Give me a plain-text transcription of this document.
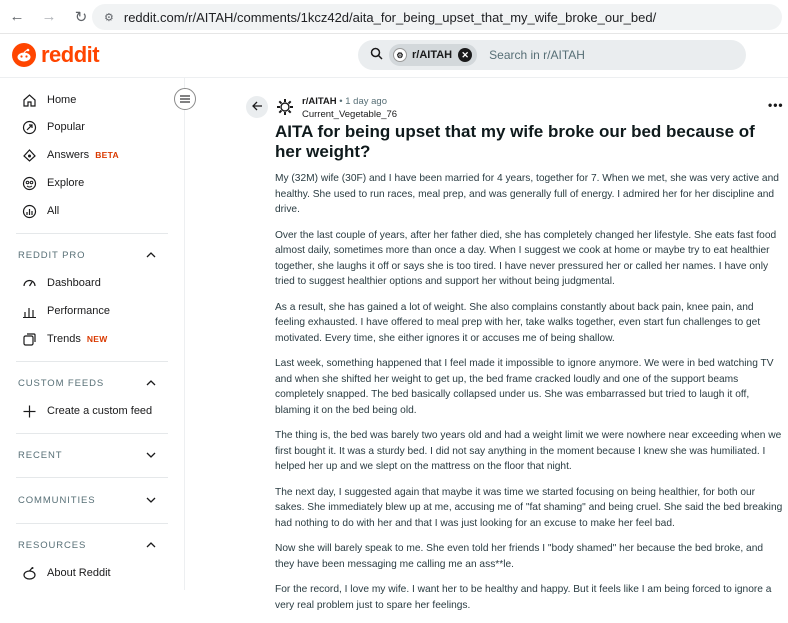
← →	↻	⚙ reddit.com/r/AITAH/comments/1kcz42d/aita_for_being_upset_that_my_wife_broke_our_bed/
reddit	⚙ r/AITAH	✕ Search in r/AITAH
Home
Popular
Answers BETA
Explore
All
REDDIT PRO
Dashboard
Performance
Trends NEW
CUSTOM FEEDS
Create a custom feed
RECENT
COMMUNITIES
RESOURCES
About Reddit
r/AITAH • 1 day ago
Current_Vegetable_76
•••
AITA for being upset that my wife broke our bed because of her weight?

My (32M) wife (30F) and I have been married for 4 years, together for 7. When we met, she was very active and healthy. She used to run races, meal prep, and was generally full of energy. I admired her for her discipline and drive.

Over the last couple of years, after her father died, she has completely changed her lifestyle. She eats fast food almost daily, sometimes more than once a day. When I suggest we cook at home or maybe try to eat healthier together, she laughs it off or says she is too tired. I have never pressured her or called her names. I have only tried to suggest healthier options and support her without being judgmental.

As a result, she has gained a lot of weight. She also complains constantly about back pain, knee pain, and feeling exhausted. I have offered to meal prep with her, take walks together, even start fun challenges to get motivated. Every time, she either ignores it or accuses me of being shallow.

Last week, something happened that I feel made it impossible to ignore anymore. We were in bed watching TV and when she shifted her weight to get up, the bed frame cracked loudly and one of the support beams completely snapped. The bed basically collapsed under us. She was embarrassed but tried to laugh it off, blaming it on the bed being old.

The thing is, the bed was barely two years old and had a weight limit we were nowhere near exceeding when we first bought it. It was a sturdy bed. I did not say anything in the moment because I knew she was humiliated. I helped her up and we slept on the mattress on the floor that night.

The next day, I suggested again that maybe it was time we started focusing on being healthier, for both our sakes. She immediately blew up at me, accusing me of "fat shaming" and being cruel. She said the bed breaking had nothing to do with her and that I was just looking for an excuse to make her feel bad.

Now she will barely speak to me. She even told her friends I "body shamed" her because the bed broke, and they have been messaging me calling me an ass**le.

For the record, I love my wife. I want her to be healthy and happy. But it feels like I am being forced to ignore a very real problem just to spare her feelings.
